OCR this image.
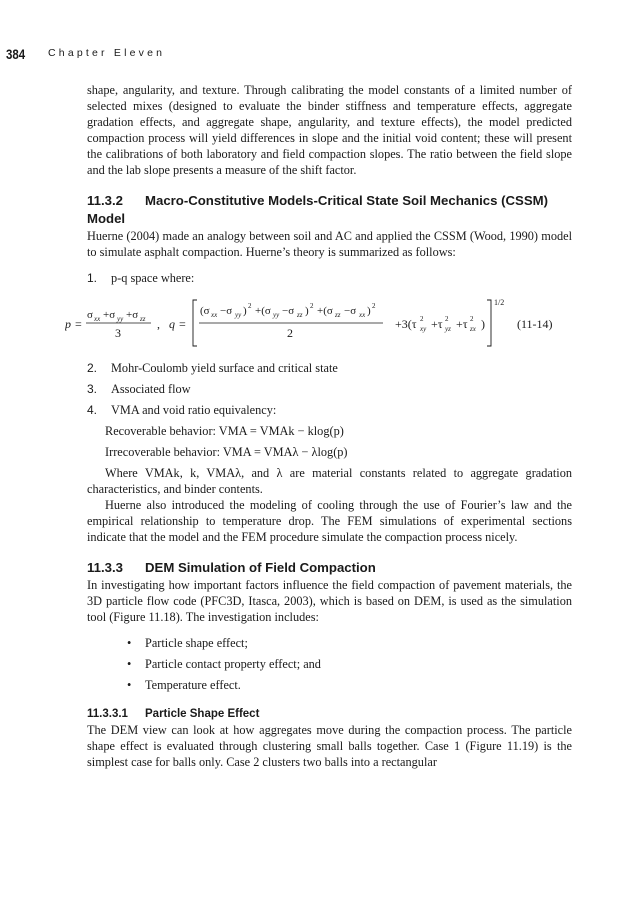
384 Chapter Eleven

shape, angularity, and texture. Through calibrating the model constants of a limited number of selected mixes (designed to evaluate the binder stiffness and temperature effects, aggregate gradation effects, and aggregate shape, angularity, and texture effects), the model predicted compaction process will yield differences in slope and the initial void content; these will present the calibrations of both laboratory and field compaction slopes. The ratio between the field slope and the lab slope presents a measure of the shift factor.

11.3.2 Macro-Constitutive Models-Critical State Soil Mechanics (CSSM) Model

Huerne (2004) made an analogy between soil and AC and applied the CSSM (Wood, 1990) model to simulate asphalt compaction. Huerne’s theory is summarized as follows:

1. p-q space where:
p =
σ xx +σ yy +σ zz
3
, q =
(σ xx −σ yy ) 2 +(σ yy −σ zz ) 2 +(σ zz −σ xx ) 2
2
+3(τ 2
xy +τ 2
yz +τ 2
zx )
1/2
(11-14)
2. Mohr-Coulomb yield surface and critical state
3. Associated flow
4. VMA and void ratio equivalency:
Recoverable behavior: VMA = VMAk − klog(p)
Irrecoverable behavior: VMA = VMAλ − λlog(p)

Where VMAk, k, VMAλ, and λ are material constants related to aggregate gradation characteristics, and binder contents.

Huerne also introduced the modeling of cooling through the use of Fourier’s law and the empirical relationship to temperature drop. The FEM simulations of experimental sections indicate that the model and the FEM procedure simulate the compaction process nicely.

11.3.3 DEM Simulation of Field Compaction

In investigating how important factors influence the field compaction of pavement materials, the 3D particle flow code (PFC3D, Itasca, 2003), which is based on DEM, is used as the simulation tool (Figure 11.18). The investigation includes:

• Particle shape effect;
• Particle contact property effect; and
• Temperature effect.
11.3.3.1 Particle Shape Effect

The DEM view can look at how aggregates move during the compaction process. The particle shape effect is evaluated through clustering small balls together. Case 1 (Figure 11.19) is the simplest case for balls only. Case 2 clusters two balls into a rectangular
